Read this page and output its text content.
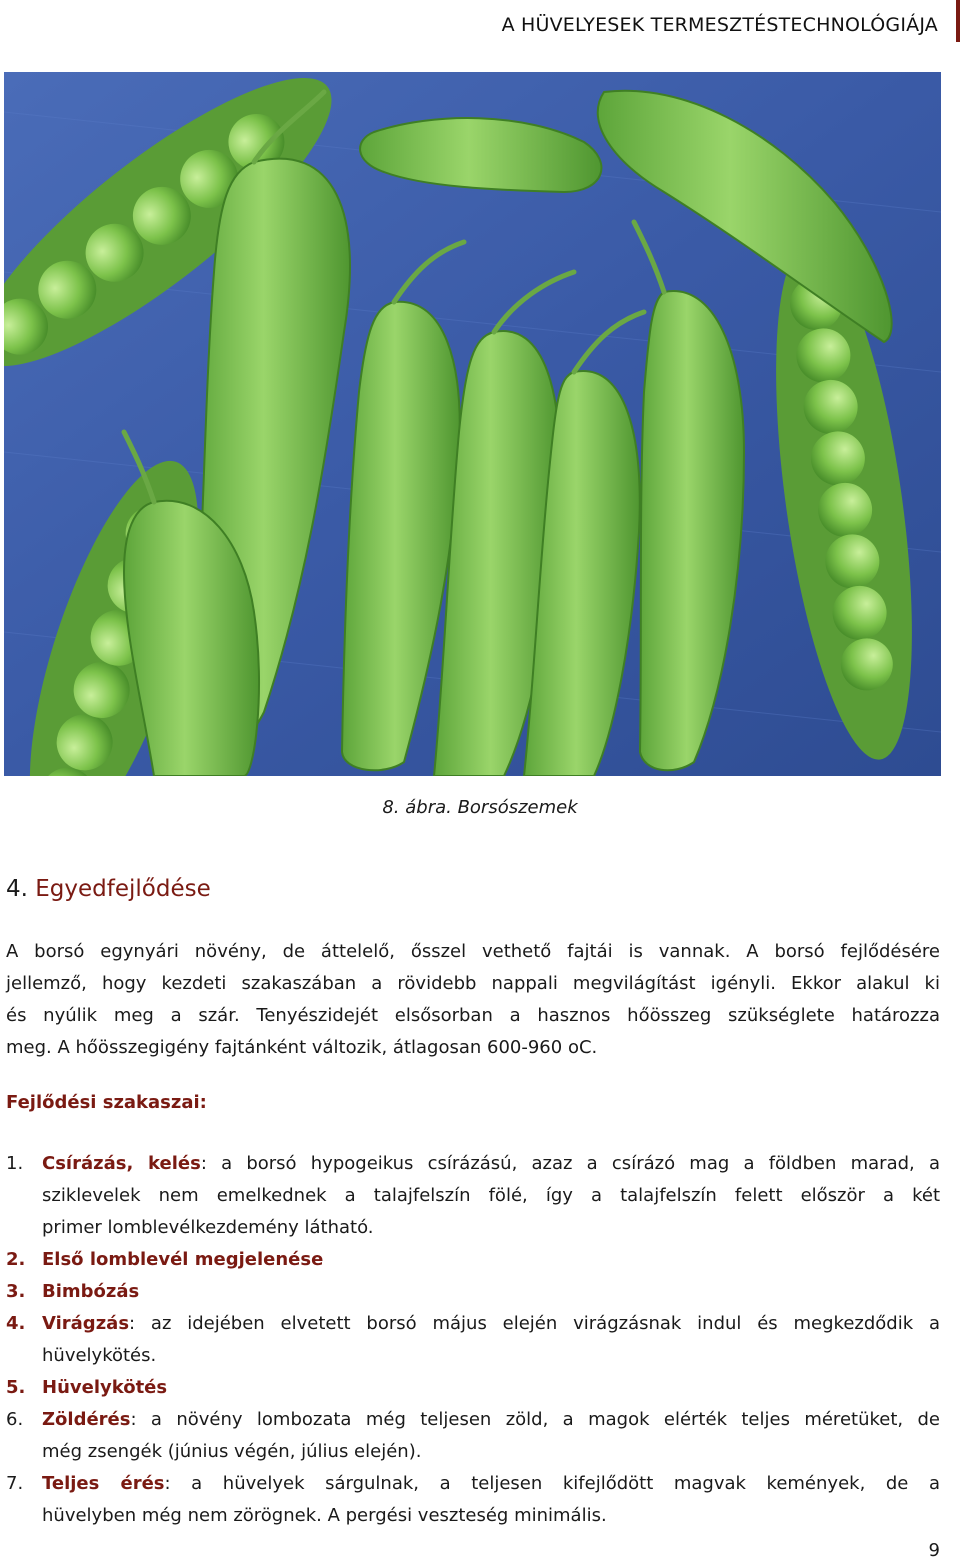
A HÜVELYESEK TERMESZTÉSTECHNOLÓGIÁJA
8. ábra. Borsószemek
4. Egyedfejlődése
A borsó egynyári növény, de áttelelő, ősszel vethető fajtái is vannak. A borsó fejlődésére
jellemző, hogy kezdeti szakaszában a rövidebb nappali megvilágítást igényli. Ekkor alakul ki
és nyúlik meg a szár. Tenyészidejét elsősorban a hasznos hőösszeg szükséglete határozza
meg. A hőösszegigény fajtánként változik, átlagosan 600-960 oC.
Fejlődési szakaszai:
1. Csírázás, kelés: a borsó hypogeikus csírázású, azaz a csírázó mag a földben marad, a
sziklevelek nem emelkednek a talajfelszín fölé, így a talajfelszín felett először a két
primer lomblevélkezdemény látható.
2. Első lomblevél megjelenése
3. Bimbózás
4. Virágzás: az idejében elvetett borsó május elején virágzásnak indul és megkezdődik a
hüvelykötés.
5. Hüvelykötés
6. Zöldérés: a növény lombozata még teljesen zöld, a magok elérték teljes méretüket, de
még zsengék (június végén, július elején).
7. Teljes érés: a hüvelyek sárgulnak, a teljesen kifejlődött magvak kemények, de a
hüvelyben még nem zörögnek. A pergési veszteség minimális.
9
